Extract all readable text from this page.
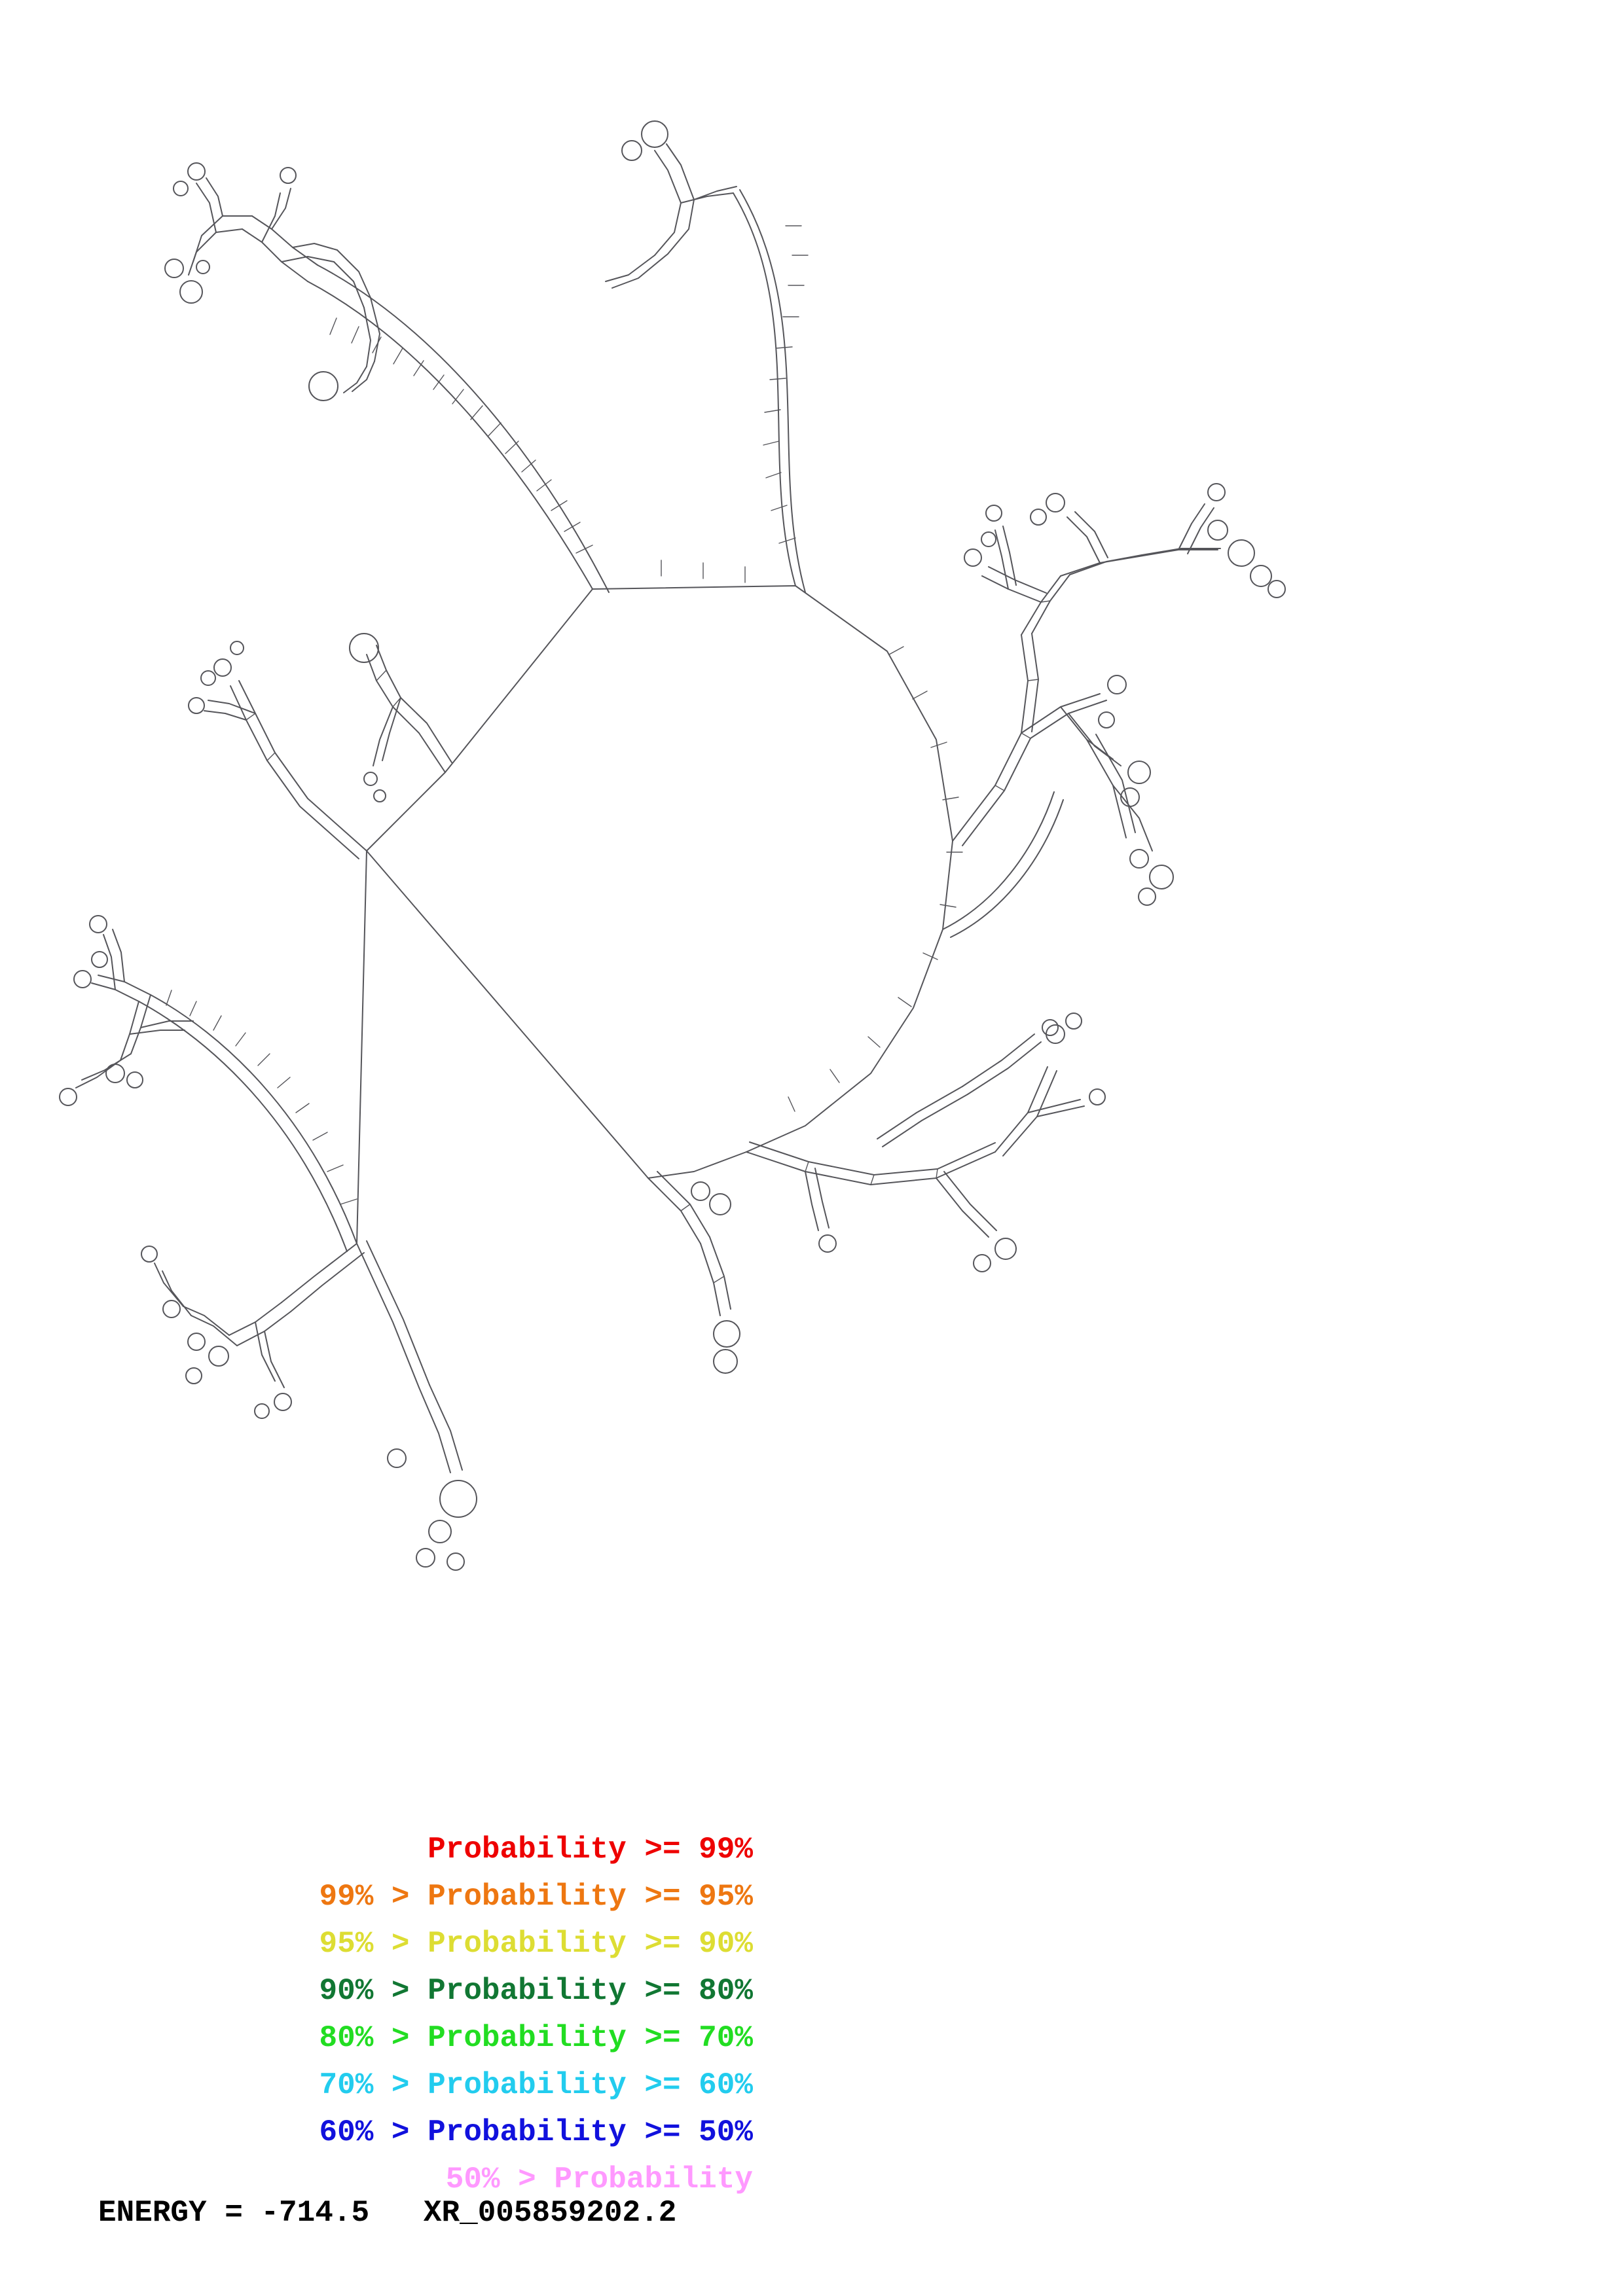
Probability >= 99%
99% > Probability >= 95%
95% > Probability >= 90%
90% > Probability >= 80%
80% > Probability >= 70%
70% > Probability >= 60%
60% > Probability >= 50%
50% > Probability
ENERGY = -714.5   XR_005859202.2
